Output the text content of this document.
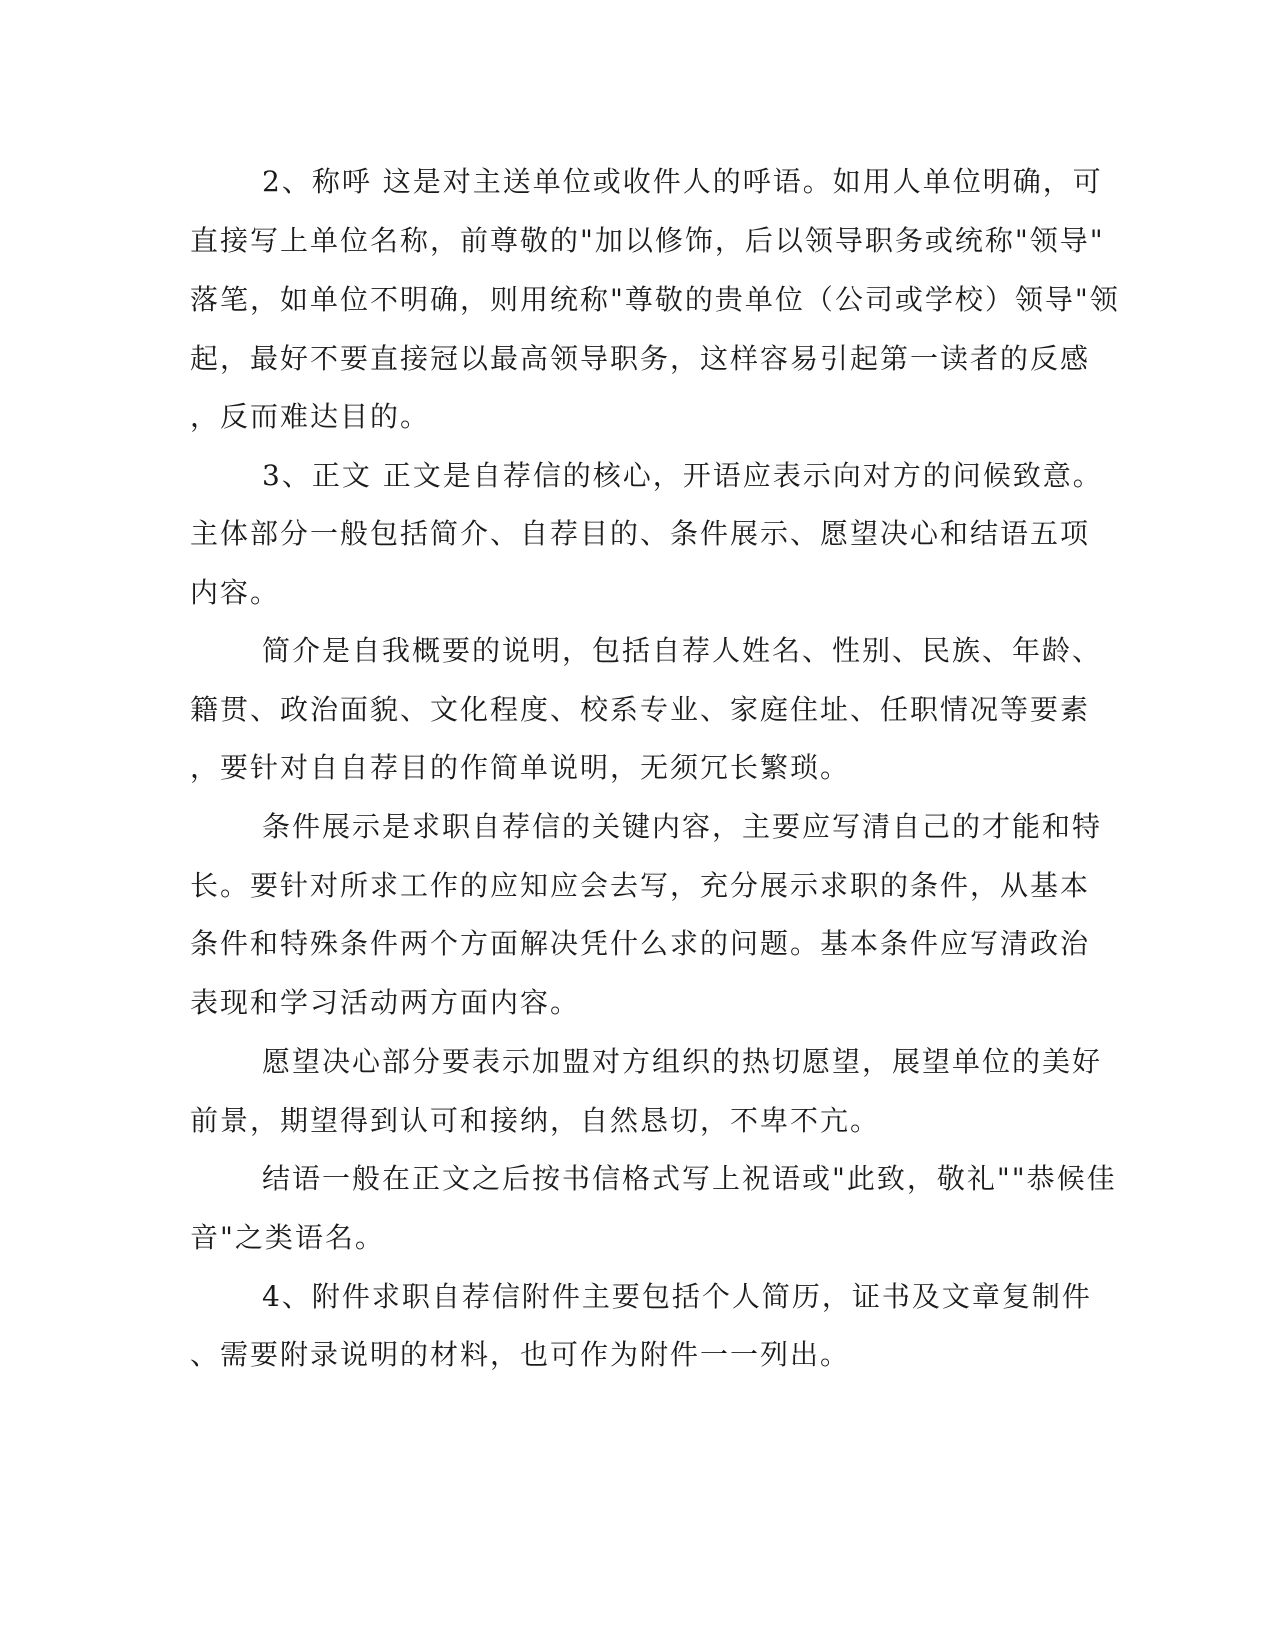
2、称呼 这是对主送单位或收件人的呼语。如用人单位明确，可
直接写上单位名称，前尊敬的"加以修饰，后以领导职务或统称"领导"
落笔，如单位不明确，则用统称"尊敬的贵单位（公司或学校）领导"领
起，最好不要直接冠以最高领导职务，这样容易引起第一读者的反感
，反而难达目的。
3、正文 正文是自荐信的核心，开语应表示向对方的问候致意。
主体部分一般包括简介、自荐目的、条件展示、愿望决心和结语五项
内容。
简介是自我概要的说明，包括自荐人姓名、性别、民族、年龄、
籍贯、政治面貌、文化程度、校系专业、家庭住址、任职情况等要素
，要针对自自荐目的作简单说明，无须冗长繁琐。
条件展示是求职自荐信的关键内容，主要应写清自己的才能和特
长。要针对所求工作的应知应会去写，充分展示求职的条件，从基本
条件和特殊条件两个方面解决凭什么求的问题。基本条件应写清政治
表现和学习活动两方面内容。
愿望决心部分要表示加盟对方组织的热切愿望，展望单位的美好
前景，期望得到认可和接纳，自然恳切，不卑不亢。
结语一般在正文之后按书信格式写上祝语或"此致，敬礼""恭候佳
音"之类语名。
4、附件求职自荐信附件主要包括个人简历，证书及文章复制件
、需要附录说明的材料，也可作为附件一一列出。
